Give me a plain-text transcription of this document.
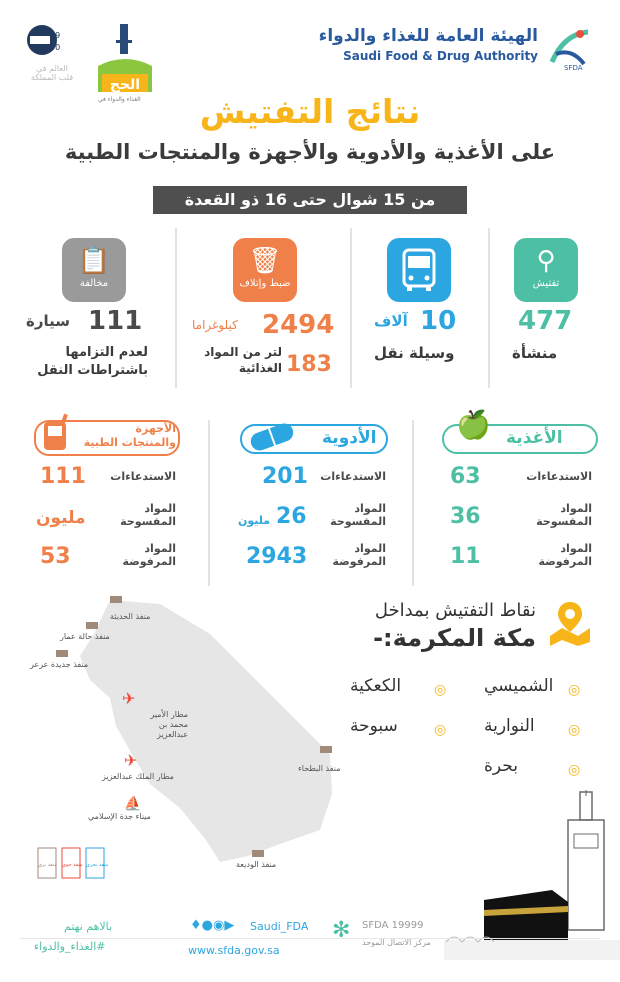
الهيئة العامة للغذاء والدواء
Saudi Food & Drug Authority
SFDA
19
40
العالم في قلب المملكة	الحج
الغذاء والدواء في	نتائج التفتيش
على الأغذية والأدوية والأجهزة والمنتجات الطبية
من 15 شوال حتى 16 ذو القعدة
⚲
تفتيش
477
منشأة
10
آلاف
وسيلة نقل
🗑
ضبط وإتلاف
2494
كيلوغراما
183
لتر من المواد الغذائية
📋
مخالفة
111
سيارة
لعدم التزامها باشتراطات النقل
الأغذية
🍏
الاستدعاءات
63
المواد المفسوحة
36
المواد المرفوضة
11
الأدوية
الاستدعاءات
201
المواد المفسوحة
26
مليون
المواد المرفوضة
2943
الأجهزة والمنتجات الطبية
الاستدعاءات
111
المواد المفسوحة
مليون
المواد المرفوضة
53
✈
✈
⛵
منفذ الحديثة
منفذ حالة عمار
منفذ جديدة عرعر
مطار الأمير محمد بن عبدالعزيز
مطار الملك عبدالعزيز
ميناء جدة الإسلامي
منفذ البطحاء
منفذ الوديعة
منفذ بري منفذ جوي منفذ بحري
نقاط التفتيش بمداخل
مكة المكرمة:-
◎
الشميسي
◎
الكعكية
◎
النوارية
◎
سبوحة
◎
بحرة
بالاهم نهتم
#الغذاء_والدواء
♦●◉▶ Saudi_FDA
www.sfda.gov.sa
✻ SFDA 19999
مركز الاتصال الموحد
